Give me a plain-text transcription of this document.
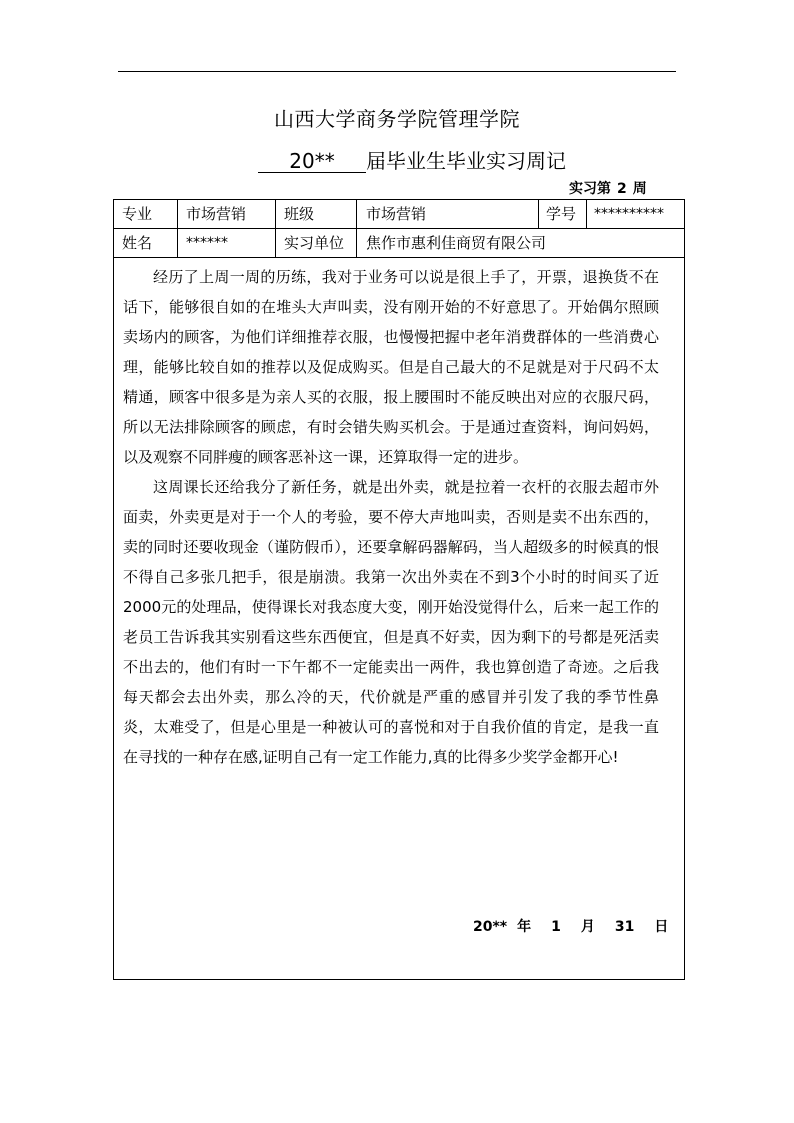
山西大学商务学院管理学院
20** 届毕业生毕业实习周记
实习第 2 周
专业 市场营销	班级	市场营销	学号 **********
姓名 ******	实习单位 焦作市惠利佳商贸有限公司

经历了上周一周的历练，我对于业务可以说是很上手了，开票，退换货不在话下，能够很自如的在堆头大声叫卖，没有刚开始的不好意思了。开始偶尔照顾卖场内的顾客，为他们详细推荐衣服，也慢慢把握中老年消费群体的一些消费心理，能够比较自如的推荐以及促成购买。但是自己最大的不足就是对于尺码不太精通，顾客中很多是为亲人买的衣服，报上腰围时不能反映出对应的衣服尺码，所以无法排除顾客的顾虑，有时会错失购买机会。于是通过查资料，询问妈妈，以及观察不同胖瘦的顾客恶补这一课，还算取得一定的进步。

这周课长还给我分了新任务，就是出外卖，就是拉着一衣杆的衣服去超市外面卖，外卖更是对于一个人的考验，要不停大声地叫卖，否则是卖不出东西的，卖的同时还要收现金（谨防假币），还要拿解码器解码，当人超级多的时候真的恨不得自己多张几把手，很是崩溃。我第一次出外卖在不到3个小时的时间买了近2000元的处理品，使得课长对我态度大变，刚开始没觉得什么，后来一起工作的老员工告诉我其实别看这些东西便宜，但是真不好卖，因为剩下的号都是死活卖不出去的，他们有时一下午都不一定能卖出一两件，我也算创造了奇迹。之后我每天都会去出外卖，那么冷的天，代价就是严重的感冒并引发了我的季节性鼻炎，太难受了，但是心里是一种被认可的喜悦和对于自我价值的肯定，是我一直在寻找的一种存在感,证明自己有一定工作能力,真的比得多少奖学金都开心!

20** 年 1 月 31 日
